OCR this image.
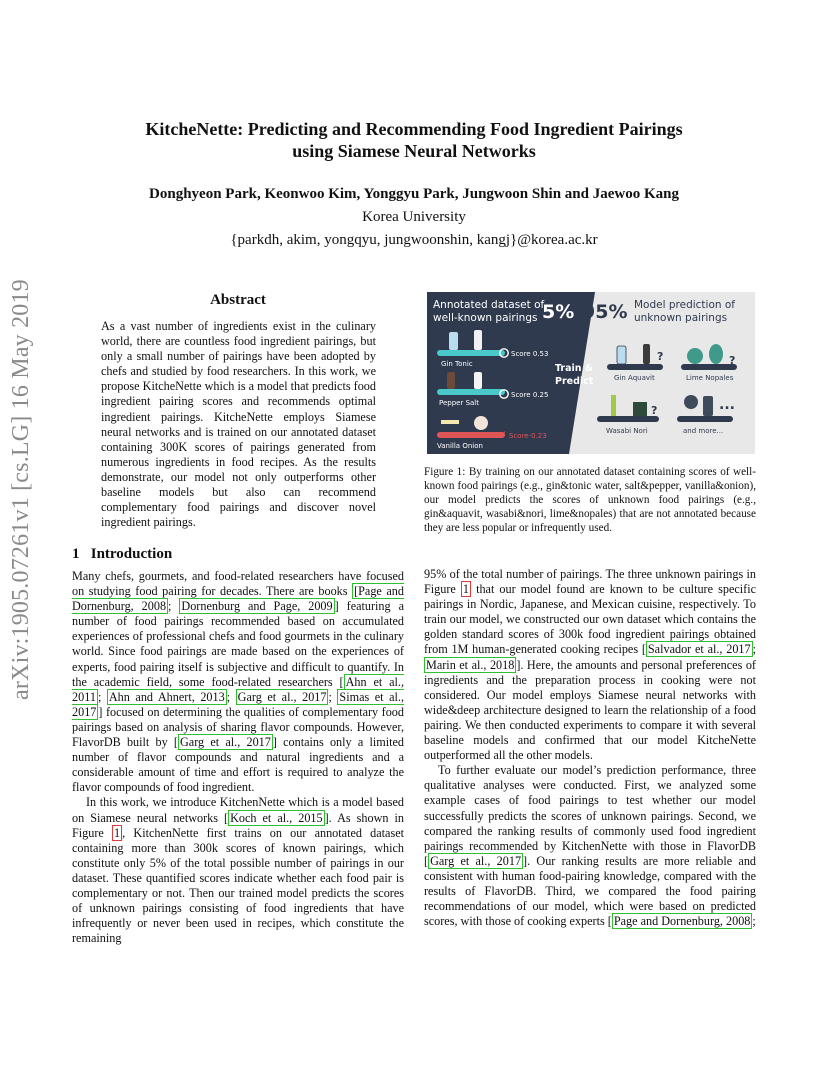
arXiv:1905.07261v1 [cs.LG] 16 May 2019
KitcheNette: Predicting and Recommending Food Ingredient Pairings
using Siamese Neural Networks
Donghyeon Park, Keonwoo Kim, Yonggyu Park, Jungwoon Shin and Jaewoo Kang
Korea University
{parkdh, akim, yongqyu, jungwoonshin, kangj}@korea.ac.kr
Abstract
As a vast number of ingredients exist in the culinary world, there are countless food ingredient pairings, but only a small number of pairings have been adopted by chefs and studied by food researchers. In this work, we propose KitcheNette which is a model that predicts food ingredient pairing scores and recommends optimal ingredient pairings. KitcheNette employs Siamese neural networks and is trained on our annotated dataset containing 300K scores of pairings generated from numerous ingredients in food recipes. As the results demonstrate, our model not only outperforms other baseline models but also can recommend complementary food pairings and discover novel ingredient pairings.
Annotated dataset of
well-known pairings 5% 95% Model prediction of
unknown pairings
Gin Tonic
Score 0.53
Pepper Salt
Score 0.25
Vanilla Onion
✗ Score-0.23
Train &
Predict
?
Gin Aquavit
?
Lime Nopales
?
Wasabi Nori
...
and more...
Figure 1: By training on our annotated dataset containing scores of well-known food pairings (e.g., gin&tonic water, salt&pepper, vanilla&onion), our model predicts the scores of unknown food pairings (e.g., gin&aquavit, wasabi&nori, lime&nopales) that are not annotated because they are less popular or infrequently used.
1 Introduction

Many chefs, gourmets, and food-related researchers have focused on studying food pairing for decades. There are books [Page and Dornenburg, 2008 ; Dornenburg and Page, 2009 ] featuring a number of food pairings recommended based on accumulated experiences of professional chefs and food gourmets in the culinary world. Since food pairings are made based on the experiences of experts, food pairing itself is subjective and difficult to quantify. In the academic field, some food-related researchers [ Ahn et al., 2011 ; Ahn and Ahnert, 2013 ; Garg et al., 2017 ; Simas et al., 2017 ] focused on determining the qualities of complementary food pairings based on analysis of sharing flavor compounds. However, FlavorDB built by [ Garg et al., 2017 ] contains only a limited number of flavor compounds and natural ingredients and a considerable amount of time and effort is required to analyze the flavor compounds of food ingredient.

In this work, we introduce KitchenNette which is a model based on Siamese neural networks [ Koch et al., 2015 ]. As shown in Figure 1 , KitchenNette first trains on our annotated dataset containing more than 300k scores of known pairings, which constitute only 5% of the total possible number of pairings in our dataset. These quantified scores indicate whether each food pair is complementary or not. Then our trained model predicts the scores of unknown pairings consisting of food ingredients that have infrequently or never been used in recipes, which constitute the remaining

95% of the total number of pairings. The three unknown pairings in Figure 1 that our model found are known to be culture specific pairings in Nordic, Japanese, and Mexican cuisine, respectively. To train our model, we constructed our own dataset which contains the golden standard scores of 300k food ingredient pairings obtained from 1M human-generated cooking recipes [ Salvador et al., 2017 ; Marin et al., 2018 ]. Here, the amounts and personal preferences of ingredients and the preparation process in cooking were not considered. Our model employs Siamese neural networks with wide&deep architecture designed to learn the relationship of a food pairing. We then conducted experiments to compare it with several baseline models and confirmed that our model KitcheNette outperformed all the other models.

To further evaluate our model’s prediction performance, three qualitative analyses were conducted. First, we analyzed some example cases of food pairings to test whether our model successfully predicts the scores of unknown pairings. Second, we compared the ranking results of commonly used food ingredient pairings recommended by KitchenNette with those in FlavorDB [ Garg et al., 2017 ]. Our ranking results are more reliable and consistent with human food-pairing knowledge, compared with the results of FlavorDB. Third, we compared the food pairing recommendations of our model, which were based on predicted scores, with those of cooking experts [ Page and Dornenburg, 2008 ;
